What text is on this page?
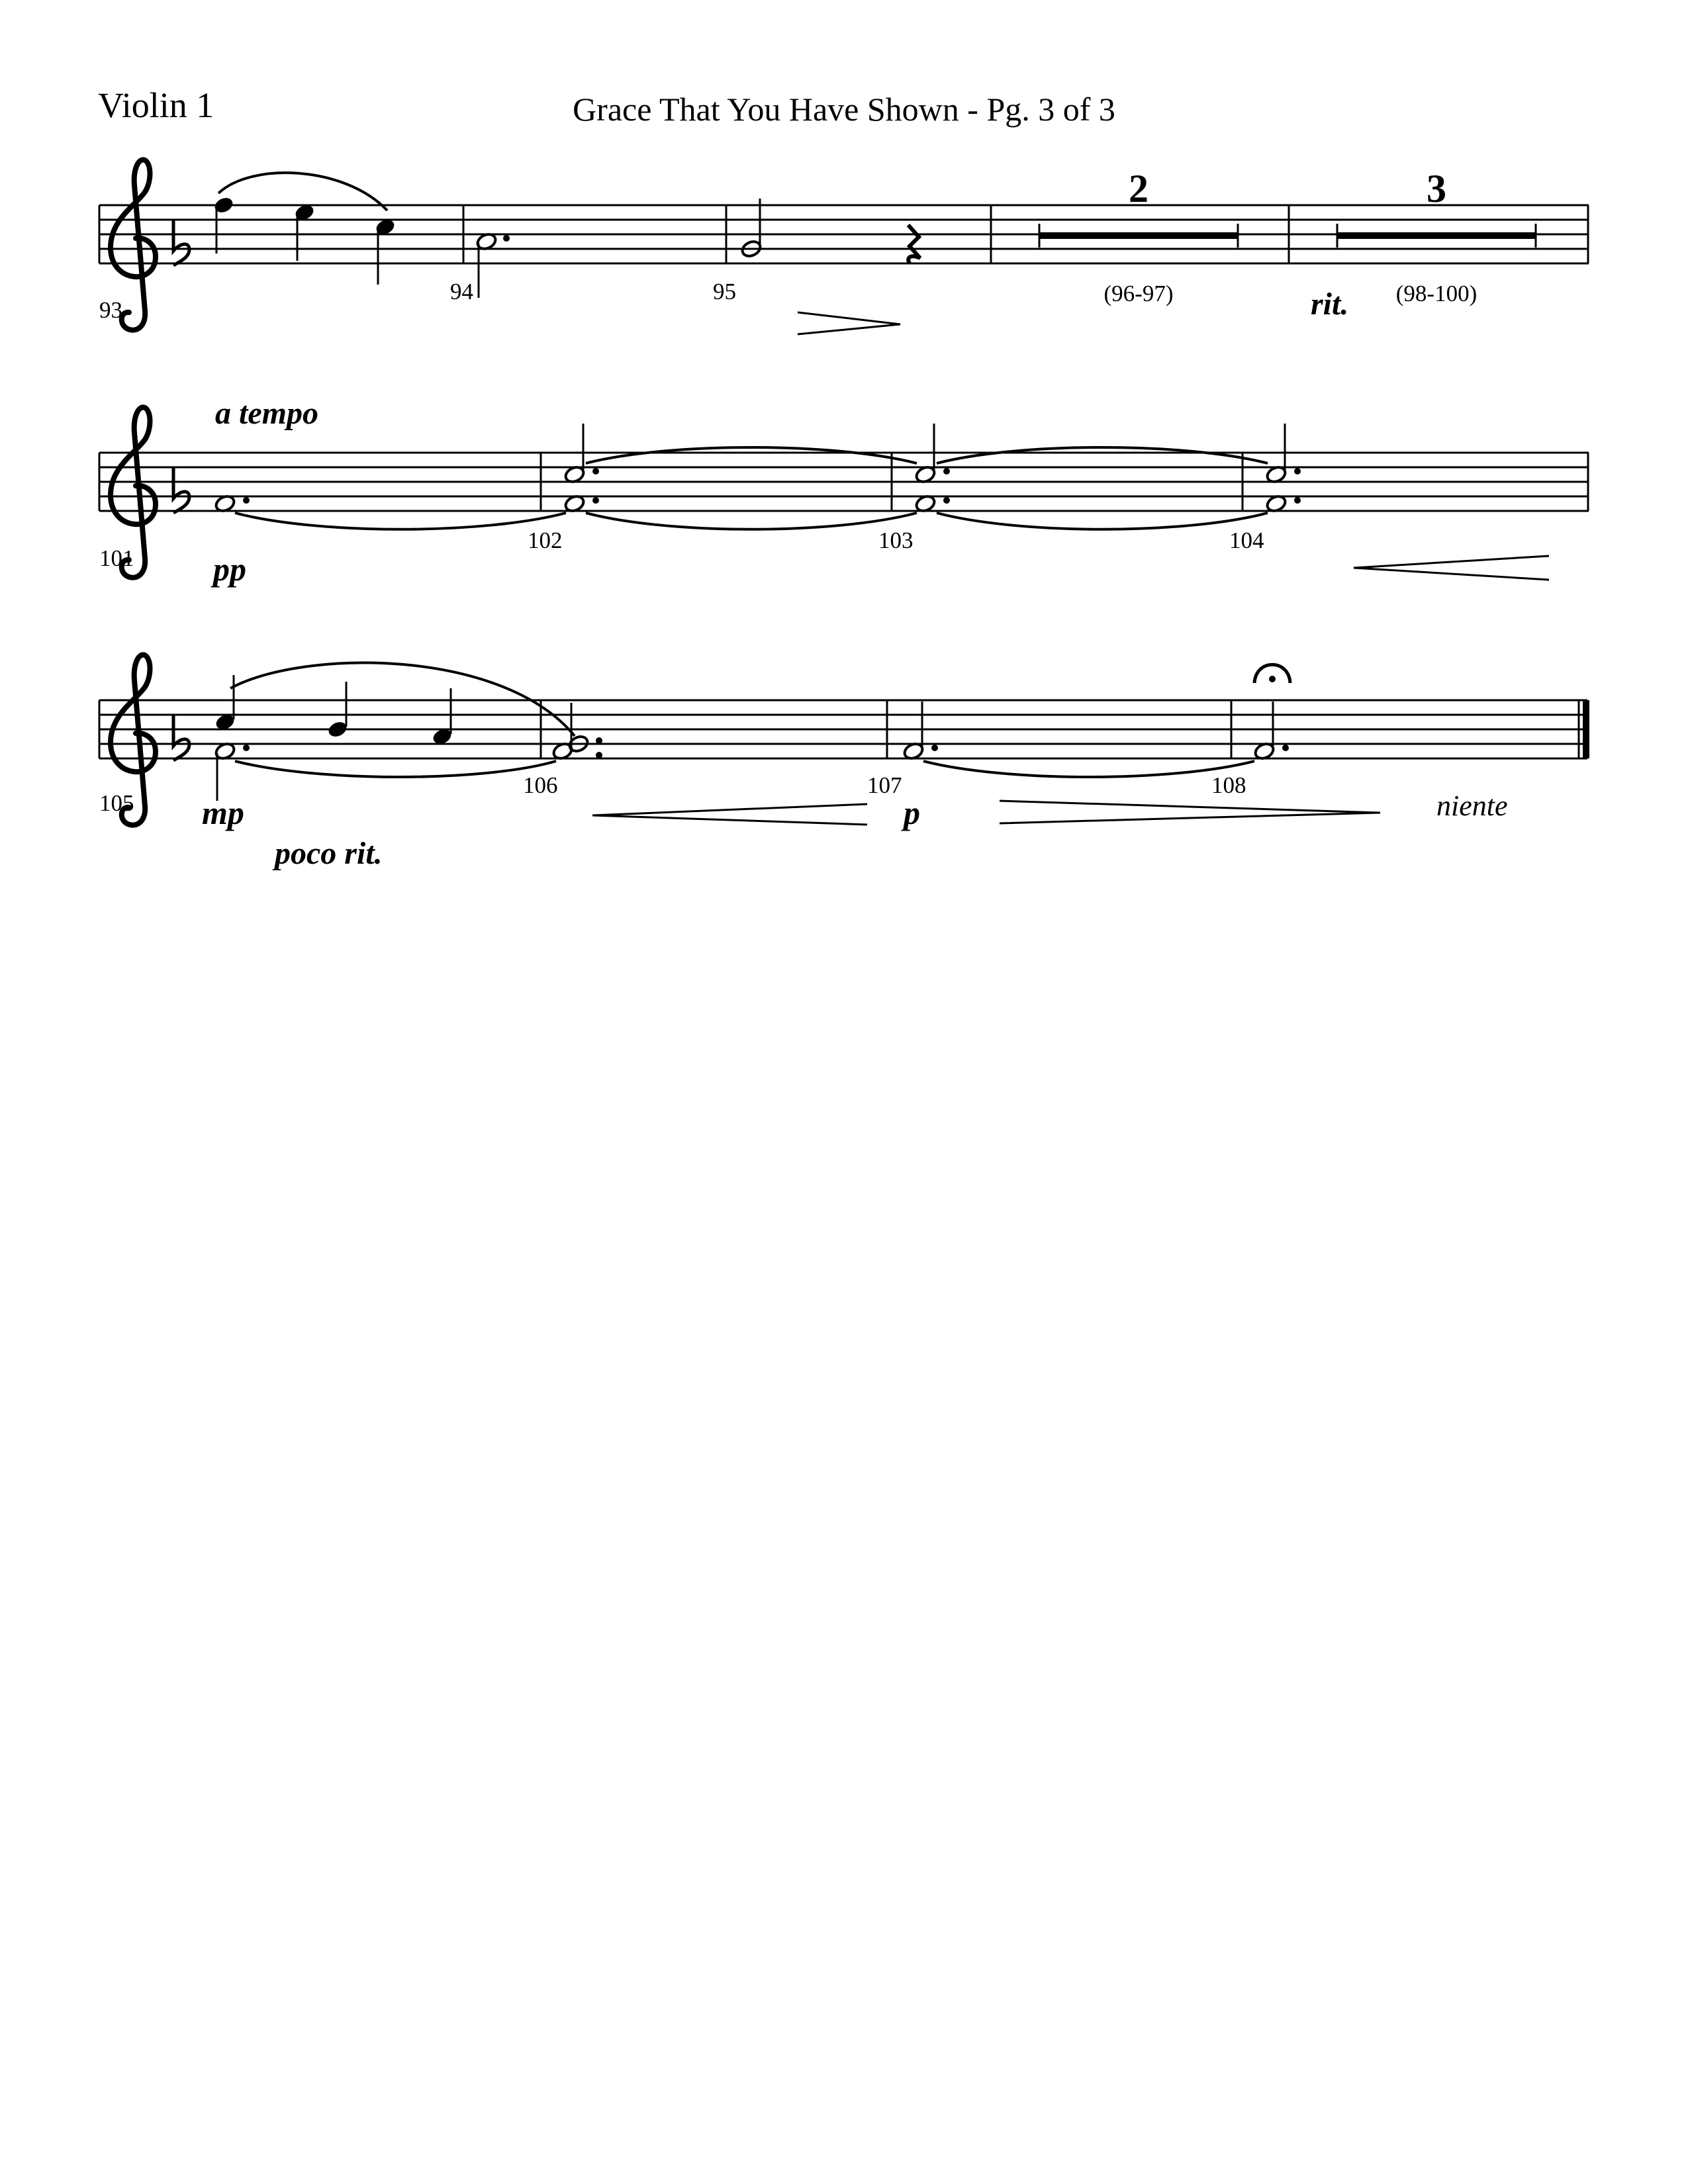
Violin 1	Grace That You Have Shown - Pg. 3 of 3
2	3
(96-97)	(98-100)
rit.
93
94	95
a tempo
pp
101
102	103	104
mp
poco rit.
p	niente
105
106	107	108
